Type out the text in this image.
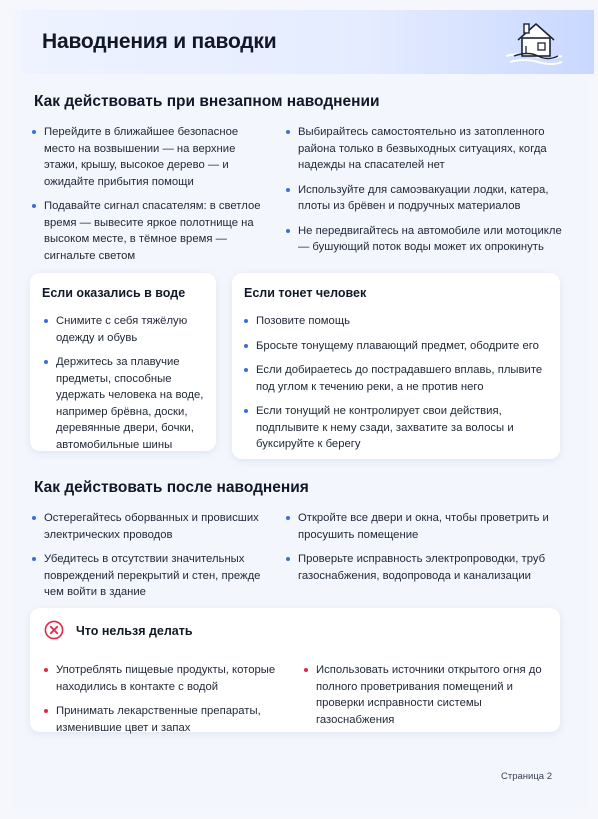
Наводнения и паводки
Как действовать при внезапном наводнении
Перейдите в ближайшее безопасное место на возвышении — на верхние этажи, крышу, высокое дерево — и ожидайте прибытия помощи
Подавайте сигнал спасателям: в светлое время — вывесите яркое полотнище на высоком месте, в тёмное время — сигнальте светом
Выбирайтесь самостоятельно из затопленного района только в безвыходных ситуациях, когда надежды на спасателей нет
Используйте для самоэвакуации лодки, катера, плоты из брёвен и подручных материалов
Не передвигайтесь на автомобиле или мотоцикле — бушующий поток воды может их опрокинуть
Если оказались в воде
Снимите с себя тяжёлую одежду и обувь
Держитесь за плавучие предметы, способные удержать человека на воде, например брёвна, доски, деревянные двери, бочки, автомобильные шины
Если тонет человек
Позовите помощь
Бросьте тонущему плавающий предмет, ободрите его
Если добираетесь до пострадавшего вплавь, плывите под углом к течению реки, а не против него
Если тонущий не контролирует свои действия, подплывите к нему сзади, захватите за волосы и буксируйте к берегу
Как действовать после наводнения
Остерегайтесь оборванных и провисших электрических проводов
Убедитесь в отсутствии значительных повреждений перекрытий и стен, прежде чем войти в здание
Откройте все двери и окна, чтобы проветрить и просушить помещение
Проверьте исправность электропроводки, труб газоснабжения, водопровода и канализации
Что нельзя делать
Употреблять пищевые продукты, которые находились в контакте с водой
Принимать лекарственные препараты, изменившие цвет и запах
Использовать источники открытого огня до полного проветривания помещений и проверки исправности системы газоснабжения
Страница 2
